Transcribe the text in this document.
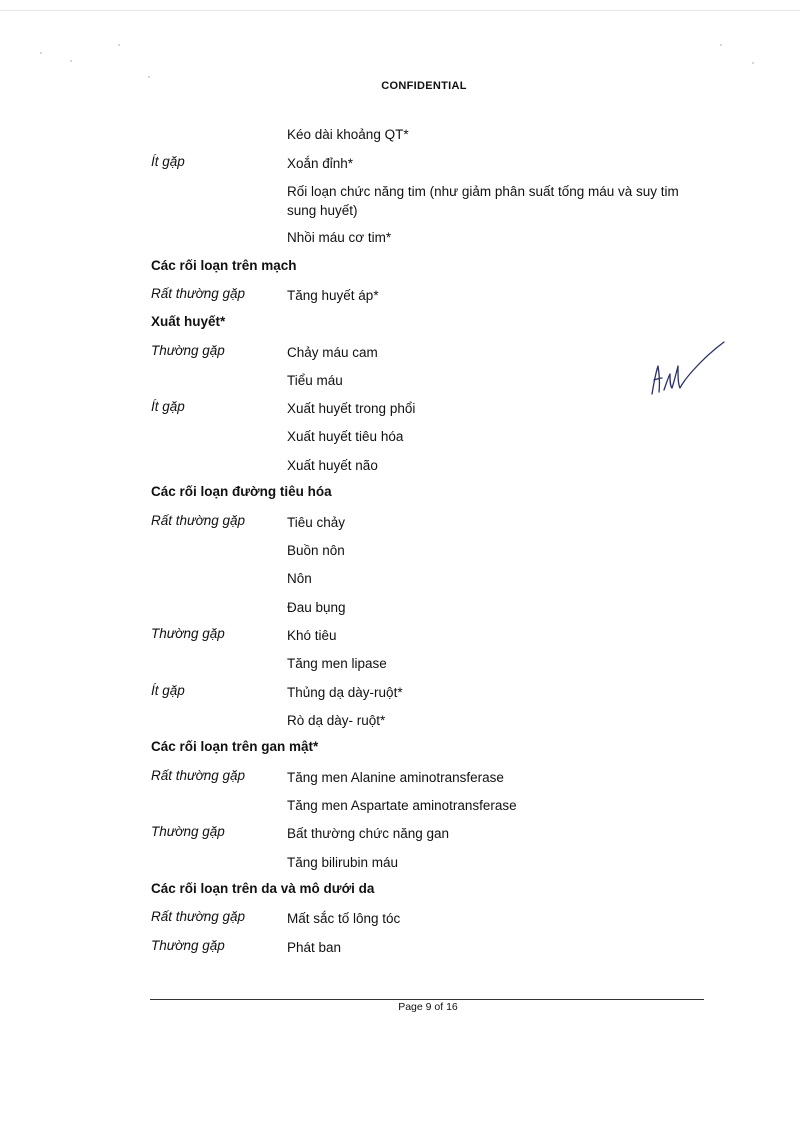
CONFIDENTIAL
Kéo dài khoảng QT*
Ít gặp	Xoắn đỉnh*
Rối loạn chức năng tim (như giảm phân suất tống máu và suy tim sung huyết)
Nhồi máu cơ tim*
Các rối loạn trên mạch
Rất thường gặp	Tăng huyết áp*
Xuất huyết*
Thường gặp	Chảy máu cam
Tiểu máu
Ít gặp	Xuất huyết trong phổi
Xuất huyết tiêu hóa
Xuất huyết não
Các rối loạn đường tiêu hóa
Rất thường gặp	Tiêu chảy
Buồn nôn
Nôn
Đau bụng
Thường gặp	Khó tiêu
Tăng men lipase
Ít gặp	Thủng dạ dày-ruột*
Rò dạ dày- ruột*
Các rối loạn trên gan mật*
Rất thường gặp	Tăng men Alanine aminotransferase
Tăng men Aspartate aminotransferase
Thường gặp	Bất thường chức năng gan
Tăng bilirubin máu
Các rối loạn trên da và mô dưới da
Rất thường gặp	Mất sắc tố lông tóc
Thường gặp	Phát ban
Page 9 of 16
